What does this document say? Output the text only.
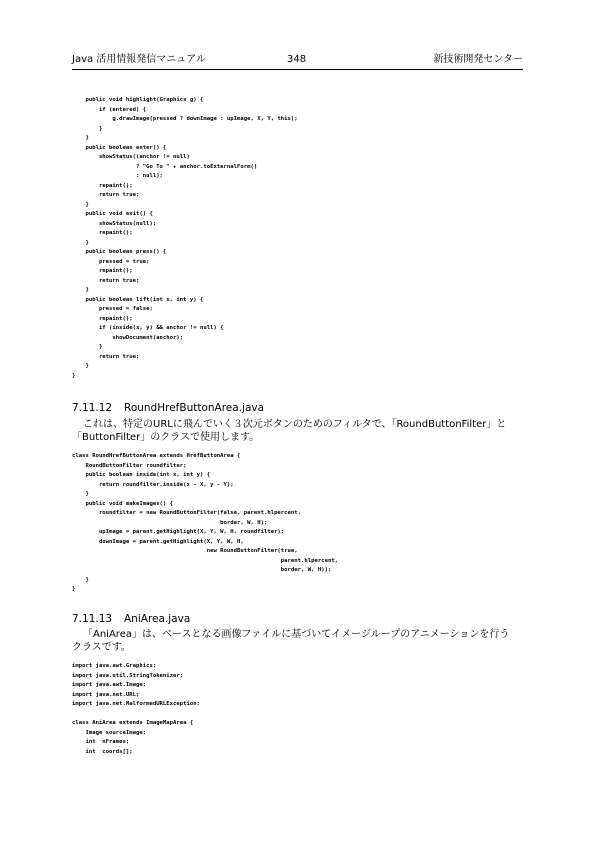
Java 活用情報発信マニュアル	348	新技術開発センター
public void highlight(Graphics g) {
if (entered) {
g.drawImage(pressed ? downImage : upImage, X, Y, this);
}
}
public boolean enter() {
showStatus((anchor != null)
? "Go To " + anchor.toExternalForm()
: null);
repaint();
return true;
}
public void exit() {
showStatus(null);
repaint();
}
public boolean press() {
pressed = true;
repaint();
return true;
}
public boolean lift(int x, int y) {
pressed = false;
repaint();
if (inside(x, y) && anchor != null) {
showDocument(anchor);
}
return true;
}
}
7.11.12 RoundHrefButtonArea.java

これは、特定のURLに飛んでいく３次元ボタンのためのフィルタで、「RoundButtonFilter」と

「ButtonFilter」のクラスで使用します。

class RoundHrefButtonArea extends HrefButtonArea {
RoundButtonFilter roundfilter;
public boolean inside(int x, int y) {
return roundfilter.inside(x - X, y - Y);
}
public void makeImages() {
roundfilter = new RoundButtonFilter(false, parent.hlpercent,
border, W, H);
upImage = parent.getHighlight(X, Y, W, H, roundfilter);
downImage = parent.getHighlight(X, Y, W, H,
new RoundButtonFilter(true,
parent.hlpercent,
border, W, H));
}
}
7.11.13 AniArea.java

「AniArea」は、ベースとなる画像ファイルに基づいてイメージループのアニメーションを行う

クラスです。

import java.awt.Graphics;
import java.util.StringTokenizer;
import java.awt.Image;
import java.net.URL;
import java.net.MalformedURLException;

class AniArea extends ImageMapArea {
Image sourceImage;
int  nFrames;
int  coords[];
